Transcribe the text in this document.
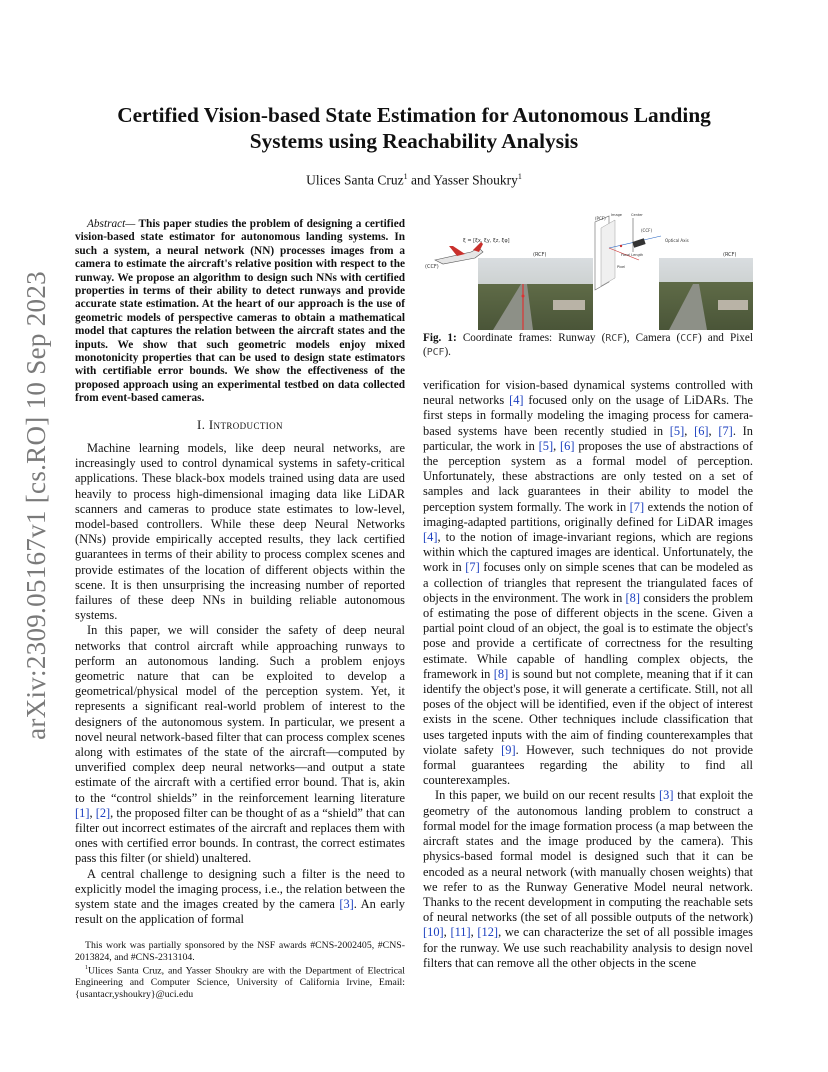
arXiv:2309.05167v1 [cs.RO] 10 Sep 2023
Certified Vision-based State Estimation for Autonomous Landing
Systems using Reachability Analysis
Ulices Santa Cruz$^1$ and Yasser Shoukry$^1$

Abstract— This paper studies the problem of designing a certified vision-based state estimator for autonomous landing systems. In such a system, a neural network (NN) processes images from a camera to estimate the aircraft's relative position with respect to the runway. We propose an algorithm to design such NNs with certified properties in terms of their ability to detect runways and provide accurate state estimation. At the heart of our approach is the use of geometric models of perspective cameras to obtain a mathematical model that captures the relation between the aircraft states and the inputs. We show that such geometric models enjoy mixed monotonicity properties that can be used to design state estimators with certifiable error bounds. We show the effectiveness of the proposed approach using an experimental testbed on data collected from event-based cameras.

I. Introduction

Machine learning models, like deep neural networks, are increasingly used to control dynamical systems in safety-critical applications. These black-box models trained using data are used heavily to process high-dimensional imaging data like LiDAR scanners and cameras to produce state estimates to low-level, model-based controllers. While these deep Neural Networks (NNs) provide empirically accepted results, they lack certified guarantees in terms of their ability to process complex scenes and provide estimates of the location of different objects within the scene. It is then unsurprising the increasing number of reported failures of these deep NNs in building reliable autonomous systems.

In this paper, we will consider the safety of deep neural networks that control aircraft while approaching runways to perform an autonomous landing. Such a problem enjoys geometric nature that can be exploited to develop a geometrical/physical model of the perception system. Yet, it represents a significant real-world problem of interest to the designers of the autonomous system. In particular, we present a novel neural network-based filter that can process complex scenes along with estimates of the state of the aircraft—computed by unverified complex deep neural networks—and output a state estimate of the aircraft with a certified error bound. That is, akin to the “control shields” in the reinforcement learning literature [1], [2], the proposed filter can be thought of as a “shield” that can filter out incorrect estimates of the aircraft and replaces them with ones with certified error bounds. In contrast, the correct estimates pass this filter (or shield) unaltered.

A central challenge to designing such a filter is the need to explicitly model the imaging process, i.e., the relation between the system state and the images created by the camera [3]. An early result on the application of formal

This work was partially sponsored by the NSF awards #CNS-2002405, #CNS-2013824, and #CNS-2313104.

$^1$Ulices Santa Cruz, and Yasser Shoukry are with the Department of Electrical Engineering and Computer Science, University of California Irvine, Email: {usantacr,yshoukry}@uci.edu

ξ = [ξx, ξy, ξz, ξφ]
(CCF)
(RCF)
(PCF)
(CCF)
Optical Axis
Focal Length
Image
Pixel
Center
(RCF)
Fig. 1: Coordinate frames: Runway (RCF), Camera (CCF) and Pixel (PCF).

verification for vision-based dynamical systems controlled with neural networks [4] focused only on the usage of LiDARs. The first steps in formally modeling the imaging process for camera-based systems have been recently studied in [5], [6], [7]. In particular, the work in [5], [6] proposes the use of abstractions of the perception system as a formal model of perception. Unfortunately, these abstractions are only tested on a set of samples and lack guarantees in their ability to model the perception system formally. The work in [7] extends the notion of imaging-adapted partitions, originally defined for LiDAR images [4], to the notion of image-invariant regions, which are regions within which the captured images are identical. Unfortunately, the work in [7] focuses only on simple scenes that can be modeled as a collection of triangles that represent the triangulated faces of objects in the environment. The work in [8] considers the problem of estimating the pose of different objects in the scene. Given a partial point cloud of an object, the goal is to estimate the object's pose and provide a certificate of correctness for the resulting estimate. While capable of handling complex objects, the framework in [8] is sound but not complete, meaning that if it can identify the object's pose, it will generate a certificate. Still, not all poses of the object will be identified, even if the object of interest exists in the scene. Other techniques include classification that uses targeted inputs with the aim of finding counterexamples that violate safety [9]. However, such techniques do not provide formal guarantees regarding the ability to find all counterexamples.

In this paper, we build on our recent results [3] that exploit the geometry of the autonomous landing problem to construct a formal model for the image formation process (a map between the aircraft states and the image produced by the camera). This physics-based formal model is designed such that it can be encoded as a neural network (with manually chosen weights) that we refer to as the Runway Generative Model neural network. Thanks to the recent development in computing the reachable sets of neural networks (the set of all possible outputs of the network) [10], [11], [12], we can characterize the set of all possible images for the runway. We use such reachability analysis to design novel filters that can remove all the other objects in the scene
